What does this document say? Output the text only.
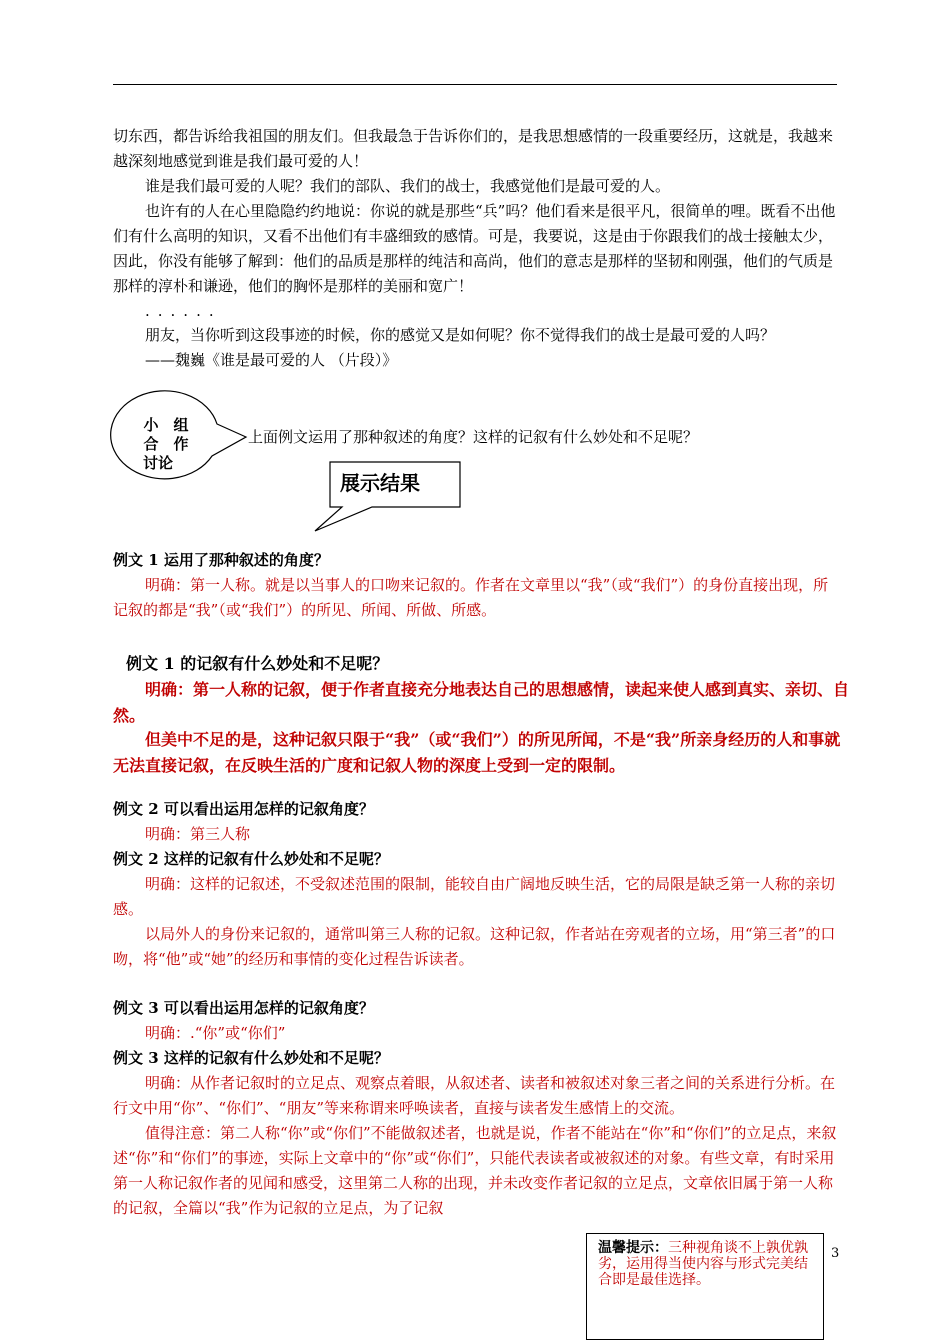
切东西，都告诉给我祖国的朋友们。但我最急于告诉你们的，是我思想感情的一段重要经历，这就是，我越来越深刻地感觉到谁是我们最可爱的人！

谁是我们最可爱的人呢？我们的部队、我们的战士，我感觉他们是最可爱的人。

也许有的人在心里隐隐约约地说：你说的就是那些“兵”吗？他们看来是很平凡，很简单的哩。既看不出他们有什么高明的知识，又看不出他们有丰盛细致的感情。可是，我要说，这是由于你跟我们的战士接触太少，因此，你没有能够了解到：他们的品质是那样的纯洁和高尚，他们的意志是那样的坚韧和刚强，他们的气质是那样的淳朴和谦逊，他们的胸怀是那样的美丽和宽广！

......

朋友，当你听到这段事迹的时候，你的感觉又是如何呢？你不觉得我们的战士是最可爱的人吗？

——魏巍《谁是最可爱的人 （片段）》

小　组
合　作
讨论
上面例文运用了那种叙述的角度？这样的记叙有什么妙处和不足呢？
展示结果

例文 1 运用了那种叙述的角度？

明确：第一人称。就是以当事人的口吻来记叙的。作者在文章里以“我”（或“我们”）的身份直接出现，所记叙的都是“我”（或“我们”）的所见、所闻、所做、所感。

例文 1 的记叙有什么妙处和不足呢？

明确：第一人称的记叙，便于作者直接充分地表达自己的思想感情，读起来使人感到真实、亲切、自然。

但美中不足的是，这种记叙只限于“我”（或“我们”）的所见所闻，不是“我”所亲身经历的人和事就无法直接记叙，在反映生活的广度和记叙人物的深度上受到一定的限制。

例文 2 可以看出运用怎样的记叙角度？

明确：第三人称

例文 2 这样的记叙有什么妙处和不足呢？

明确：这样的记叙述，不受叙述范围的限制，能较自由广阔地反映生活，它的局限是缺乏第一人称的亲切感。

以局外人的身份来记叙的，通常叫第三人称的记叙。这种记叙，作者站在旁观者的立场，用“第三者”的口吻，将“他”或“她”的经历和事情的变化过程告诉读者。

例文 3 可以看出运用怎样的记叙角度？

明确：.“你”或“你们”

例文 3 这样的记叙有什么妙处和不足呢？

明确：从作者记叙时的立足点、观察点着眼，从叙述者、读者和被叙述对象三者之间的关系进行分析。在行文中用“你”、“你们”、“朋友”等来称谓来呼唤读者，直接与读者发生感情上的交流。

值得注意：第二人称“你”或“你们”不能做叙述者，也就是说，作者不能站在“你”和“你们”的立足点，来叙述“你”和“你们”的事迹，实际上文章中的“你”或“你们”，只能代表读者或被叙述的对象。有些文章，有时采用第一人称记叙作者的见闻和感受，这里第二人称的出现，并未改变作者记叙的立足点，文章依旧属于第一人称的记叙，全篇以“我”作为记叙的立足点，为了记叙

温馨提示：三种视角谈不上孰优孰劣，运用得当使内容与形式完美结合即是最佳选择。
3
